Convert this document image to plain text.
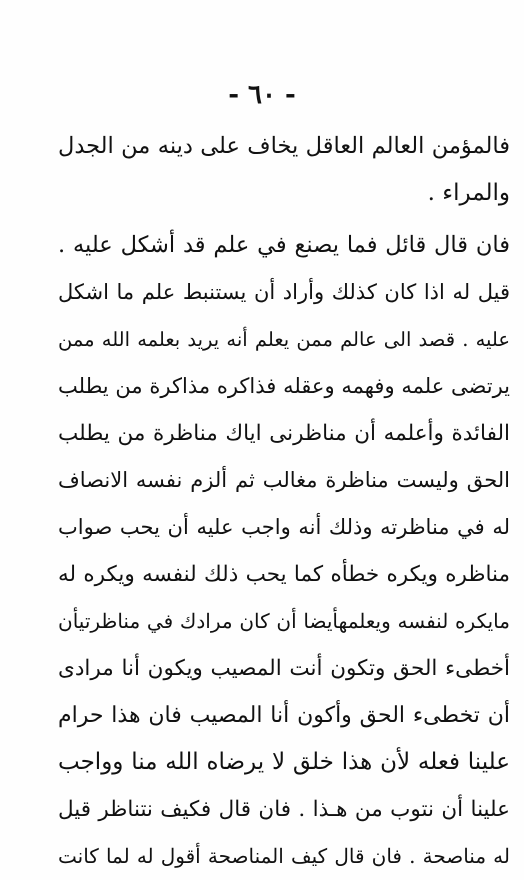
- ٦٠ -
فالمؤمن العالم العاقل يخاف على دينه من الجدل
والمراء .
فان قال قائل فما يصنع في علم قد أشكل عليه .
قيل له اذا كان كذلك وأراد أن يستنبط علم ما اشكل
عليه . قصد الى عالم ممن يعلم أنه يريد بعلمه الله ممن
يرتضى علمه وفهمه وعقله فذاكره مذاكرة من يطلب
الفائدة وأعلمه أن مناظرنى اياك مناظرة من يطلب
الحق وليست مناظرة مغالب ثم ألزم نفسه الانصاف
له في مناظرته وذلك أنه واجب عليه أن يحب صواب
مناظره ويكره خطأه كما يحب ذلك لنفسه ويكره له
مايكره لنفسه ويعلمهأيضا أن كان مرادك في مناظرتيأن
أخطىء الحق وتكون أنت المصيب ويكون أنا مرادى
أن تخطىء الحق وأكون أنا المصيب فان هذا حرام
علينا فعله لأن هذا خلق لا يرضاه الله منا وواجب
علينا أن نتوب من هـذا . فان قال فكيف نتناظر قيل
له مناصحة . فان قال كيف المناصحة أقول له لما كانت
